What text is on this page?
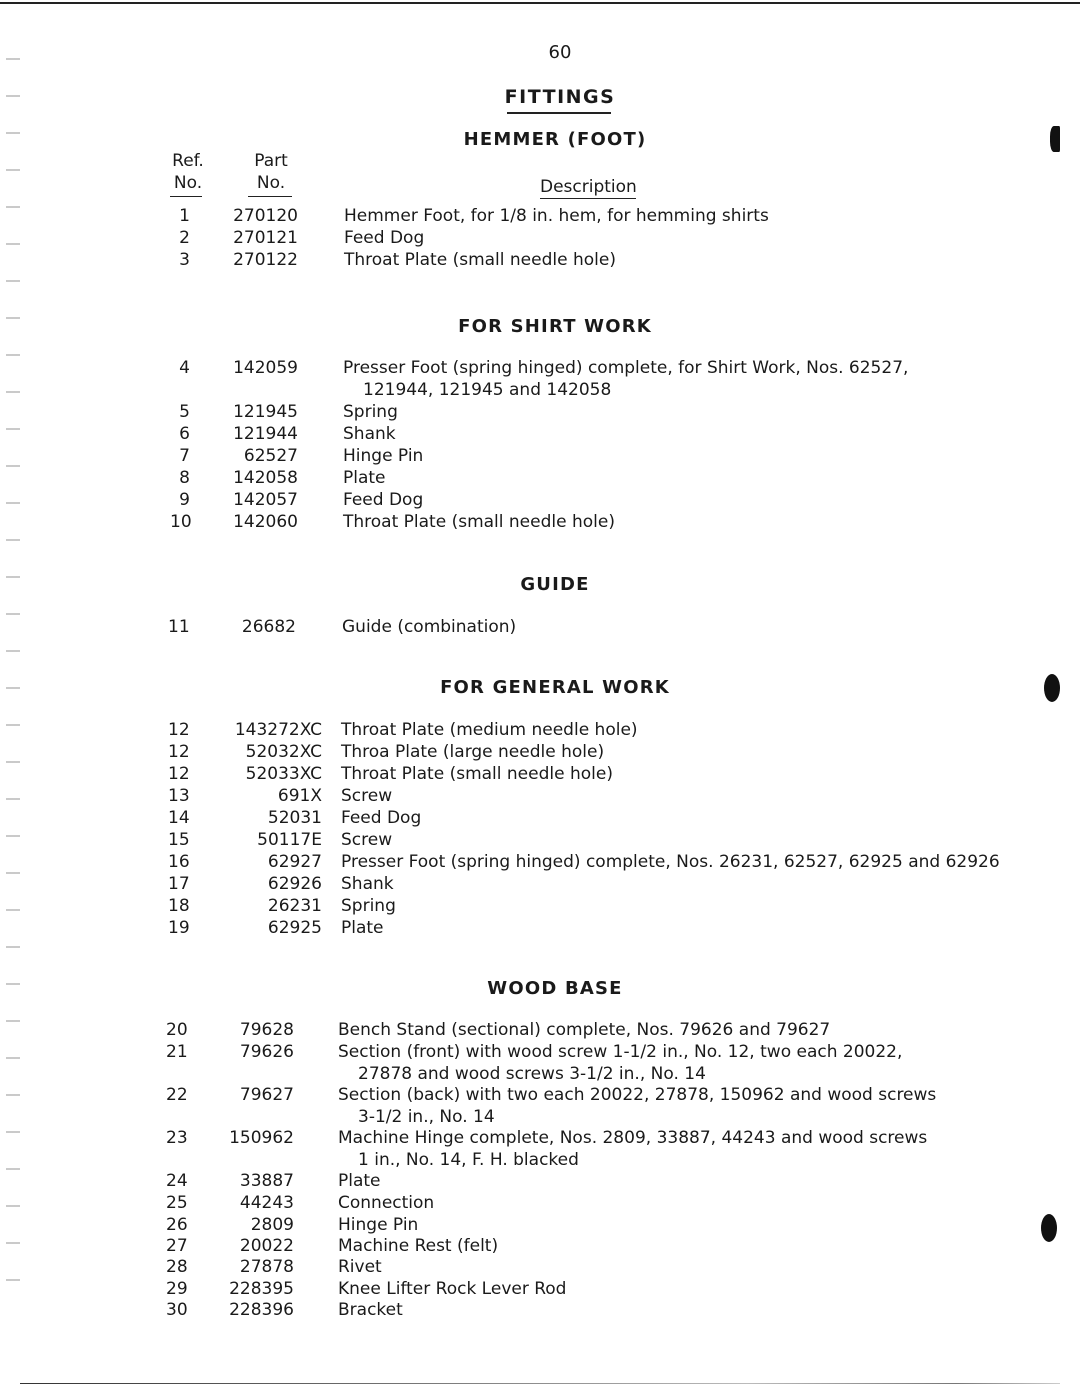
60
FITTINGS
Ref.
No.
Part
No.	Description
HEMMER (FOOT)
1	270120	Hemmer Foot, for 1/8 in. hem, for hemming shirts
2	270121	Feed Dog
3	270122	Throat Plate (small needle hole)
FOR SHIRT WORK
4	142059	Presser Foot (spring hinged) complete, for Shirt Work, Nos. 62527,
121944, 121945 and 142058
5	121945	Spring
6	121944	Shank
7	62527	Hinge Pin
8	142058	Plate
9	142057	Feed Dog
10 142060	Throat Plate (small needle hole)
GUIDE
11	26682	Guide (combination)
FOR GENERAL WORK
12	143272XC Throat Plate (medium needle hole)
12	52032XC Throa Plate (large needle hole)
12	52033XC Throat Plate (small needle hole)
13	691X Screw
14	52031 Feed Dog
15	50117E Screw
16	62927 Presser Foot (spring hinged) complete, Nos. 26231, 62527, 62925 and 62926
17	62926 Shank
18	26231 Spring
19	62925 Plate
WOOD BASE
20	79628	Bench Stand (sectional) complete, Nos. 79626 and 79627
21	79626	Section (front) with wood screw 1-1/2 in., No. 12, two each 20022,
27878 and wood screws 3-1/2 in., No. 14
22	79627	Section (back) with two each 20022, 27878, 150962 and wood screws
3-1/2 in., No. 14
23 150962	Machine Hinge complete, Nos. 2809, 33887, 44243 and wood screws
1 in., No. 14, F. H. blacked
24	33887	Plate
25	44243	Connection
26	2809	Hinge Pin
27	20022	Machine Rest (felt)
28	27878	Rivet
29 228395	Knee Lifter Rock Lever Rod
30 228396	Bracket
